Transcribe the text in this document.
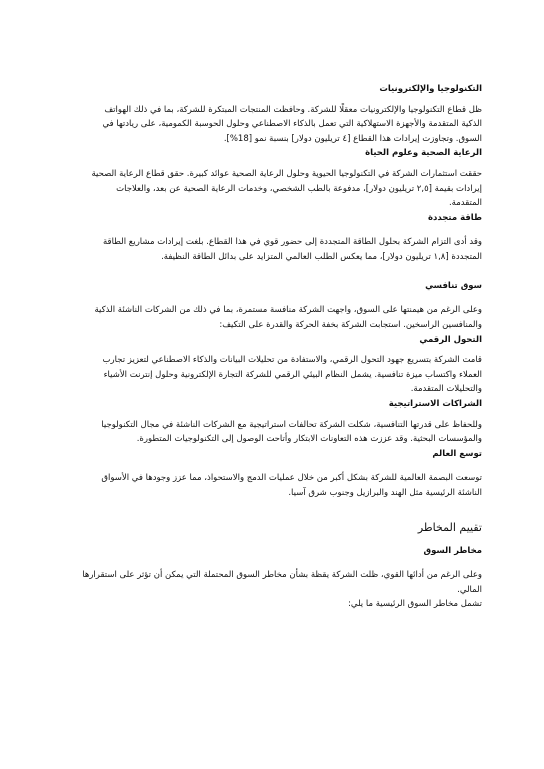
التكنولوجيا والإلكترونيات

ظل قطاع التكنولوجيا والإلكترونيات معقلًا للشركة. وحافظت المنتجات المبتكرة للشركة، بما في ذلك الهواتف الذكية المتقدمة والأجهزة الاستهلاكية التي تعمل بالذكاء الاصطناعي وحلول الحوسبة الكمومية، على ريادتها في السوق. وتجاوزت إيرادات هذا القطاع [٤ تريليون دولار] بنسبة نمو [18%].

الرعاية الصحية وعلوم الحياة

حققت استثمارات الشركة في التكنولوجيا الحيوية وحلول الرعاية الصحية عوائد كبيرة. حقق قطاع الرعاية الصحية إيرادات بقيمة [٢,٥ تريليون دولار]، مدفوعة بالطب الشخصي، وخدمات الرعاية الصحية عن بعد، والعلاجات المتقدمة.

طاقة متجددة

وقد أدى التزام الشركة بحلول الطاقة المتجددة إلى حضور قوي في هذا القطاع. بلغت إيرادات مشاريع الطاقة المتجددة [١,٨ تريليون دولار]، مما يعكس الطلب العالمي المتزايد على بدائل الطاقة النظيفة.

سوق تنافسي

وعلى الرغم من هيمنتها على السوق، واجهت الشركة منافسة مستمرة، بما في ذلك من الشركات الناشئة الذكية والمنافسين الراسخين. استجابت الشركة بخفة الحركة والقدرة على التكيف:

التحول الرقمي

قامت الشركة بتسريع جهود التحول الرقمي، والاستفادة من تحليلات البيانات والذكاء الاصطناعي لتعزيز تجارب العملاء واكتساب ميزة تنافسية. يشمل النظام البيئي الرقمي للشركة التجارة الإلكترونية وحلول إنترنت الأشياء والتحليلات المتقدمة.

الشراكات الاستراتيجية

وللحفاظ على قدرتها التنافسية، شكلت الشركة تحالفات استراتيجية مع الشركات الناشئة في مجال التكنولوجيا والمؤسسات البحثية. وقد عززت هذه التعاونات الابتكار وأتاحت الوصول إلى التكنولوجيات المتطورة.

توسع العالم

توسعت البصمة العالمية للشركة بشكل أكبر من خلال عمليات الدمج والاستحواذ، مما عزز وجودها في الأسواق الناشئة الرئيسية مثل الهند والبرازيل وجنوب شرق آسيا.

تقييم المخاطر

مخاطر السوق

وعلى الرغم من أدائها القوي، ظلت الشركة يقظة بشأن مخاطر السوق المحتملة التي يمكن أن تؤثر على استقرارها المالي.

تشمل مخاطر السوق الرئيسية ما يلي:
